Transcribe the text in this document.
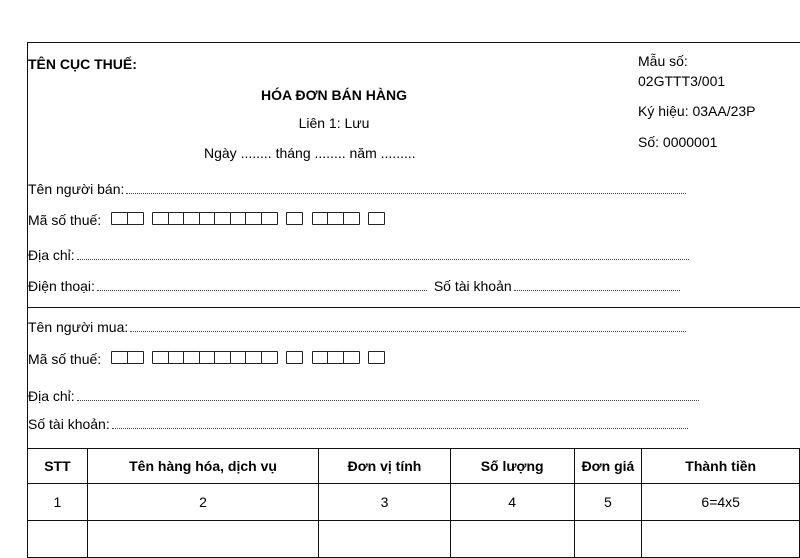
TÊN CỤC THUẾ:
HÓA ĐƠN BÁN HÀNG
Liên 1: Lưu
Ngày ........ tháng ........ năm .........
Mẫu số:
02GTTT3/001
Ký hiệu: 03AA/23P
Số: 0000001
Tên người bán:
Mã số thuế:
Địa chỉ:
Điện thoại:	Số tài khoản
Tên người mua:
Mã số thuế:
Địa chỉ:
Số tài khoản:
STT	Tên hàng hóa, dịch vụ	Đơn vị tính	Số lượng	Đơn giá	Thành tiền
1	2	3	4	5	6=4x5
